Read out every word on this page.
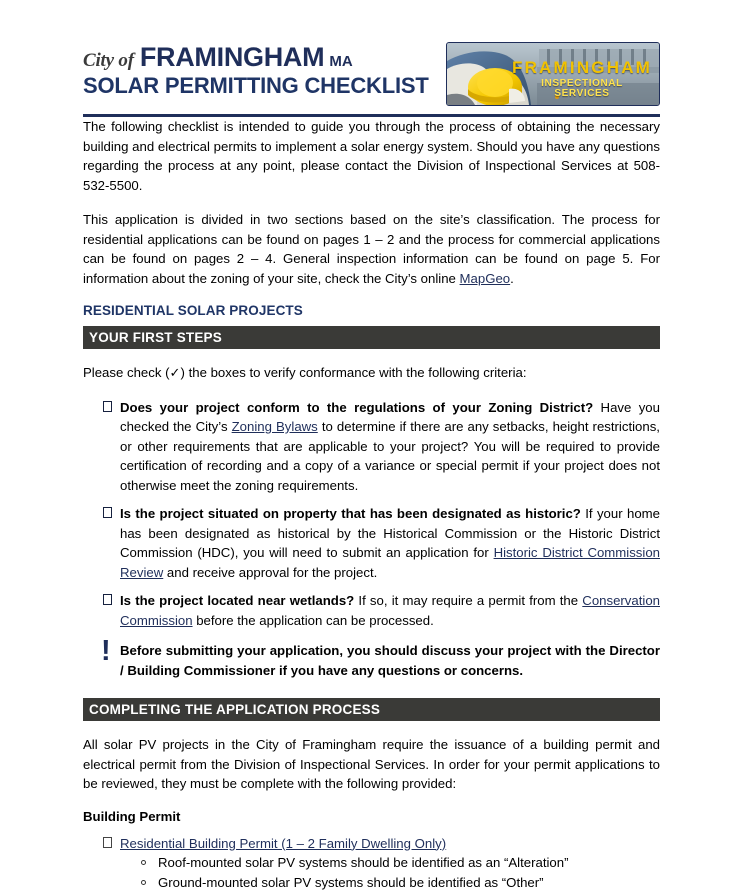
City of FRAMINGHAM MA
SOLAR PERMITTING CHECKLIST
FRAMINGHAM
INSPECTIONAL SERVICES

The following checklist is intended to guide you through the process of obtaining the necessary building and electrical permits to implement a solar energy system. Should you have any questions regarding the process at any point, please contact the Division of Inspectional Services at 508-532-5500.

This application is divided in two sections based on the site’s classification. The process for residential applications can be found on pages 1 – 2 and the process for commercial applications can be found on pages 2 – 4. General inspection information can be found on page 5. For information about the zoning of your site, check the City’s online MapGeo.

RESIDENTIAL SOLAR PROJECTS
YOUR FIRST STEPS

Please check (✓) the boxes to verify conformance with the following criteria:

Does your project conform to the regulations of your Zoning District? Have you checked the City’s Zoning Bylaws to determine if there are any setbacks, height restrictions, or other requirements that are applicable to your project? You will be required to provide certification of recording and a copy of a variance or special permit if your project does not otherwise meet the zoning requirements.
Is the project situated on property that has been designated as historic? If your home has been designated as historical by the Historical Commission or the Historic District Commission (HDC), you will need to submit an application for Historic District Commission Review and receive approval for the project.
Is the project located near wetlands? If so, it may require a permit from the Conservation Commission before the application can be processed.
! Before submitting your application, you should discuss your project with the Director / Building Commissioner if you have any questions or concerns.
COMPLETING THE APPLICATION PROCESS

All solar PV projects in the City of Framingham require the issuance of a building permit and electrical permit from the Division of Inspectional Services. In order for your permit applications to be reviewed, they must be complete with the following provided:

Building Permit
Residential Building Permit (1 – 2 Family Dwelling Only)
Roof-mounted solar PV systems should be identified as an “Alteration”
Ground-mounted solar PV systems should be identified as “Other”
